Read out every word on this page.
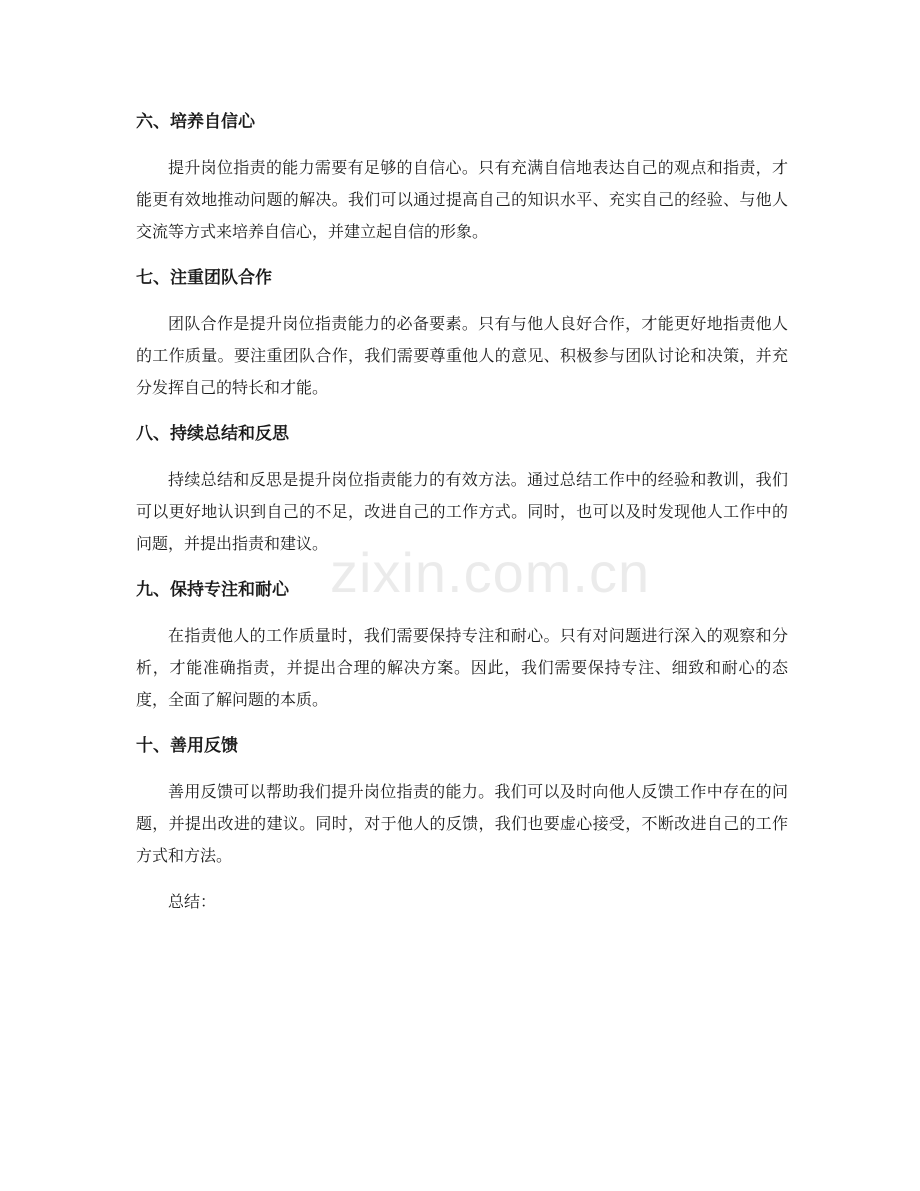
六、培养自信心

提升岗位指责的能力需要有足够的自信心。只有充满自信地表达自己的观点和指责，才能更有效地推动问题的解决。我们可以通过提高自己的知识水平、充实自己的经验、与他人交流等方式来培养自信心，并建立起自信的形象。

七、注重团队合作

团队合作是提升岗位指责能力的必备要素。只有与他人良好合作，才能更好地指责他人的工作质量。要注重团队合作，我们需要尊重他人的意见、积极参与团队讨论和决策，并充分发挥自己的特长和才能。

八、持续总结和反思

持续总结和反思是提升岗位指责能力的有效方法。通过总结工作中的经验和教训，我们可以更好地认识到自己的不足，改进自己的工作方式。同时，也可以及时发现他人工作中的问题，并提出指责和建议。

九、保持专注和耐心

在指责他人的工作质量时，我们需要保持专注和耐心。只有对问题进行深入的观察和分析，才能准确指责，并提出合理的解决方案。因此，我们需要保持专注、细致和耐心的态度，全面了解问题的本质。

十、善用反馈

善用反馈可以帮助我们提升岗位指责的能力。我们可以及时向他人反馈工作中存在的问题，并提出改进的建议。同时，对于他人的反馈，我们也要虚心接受，不断改进自己的工作方式和方法。

总结：

zixin.com.cn
